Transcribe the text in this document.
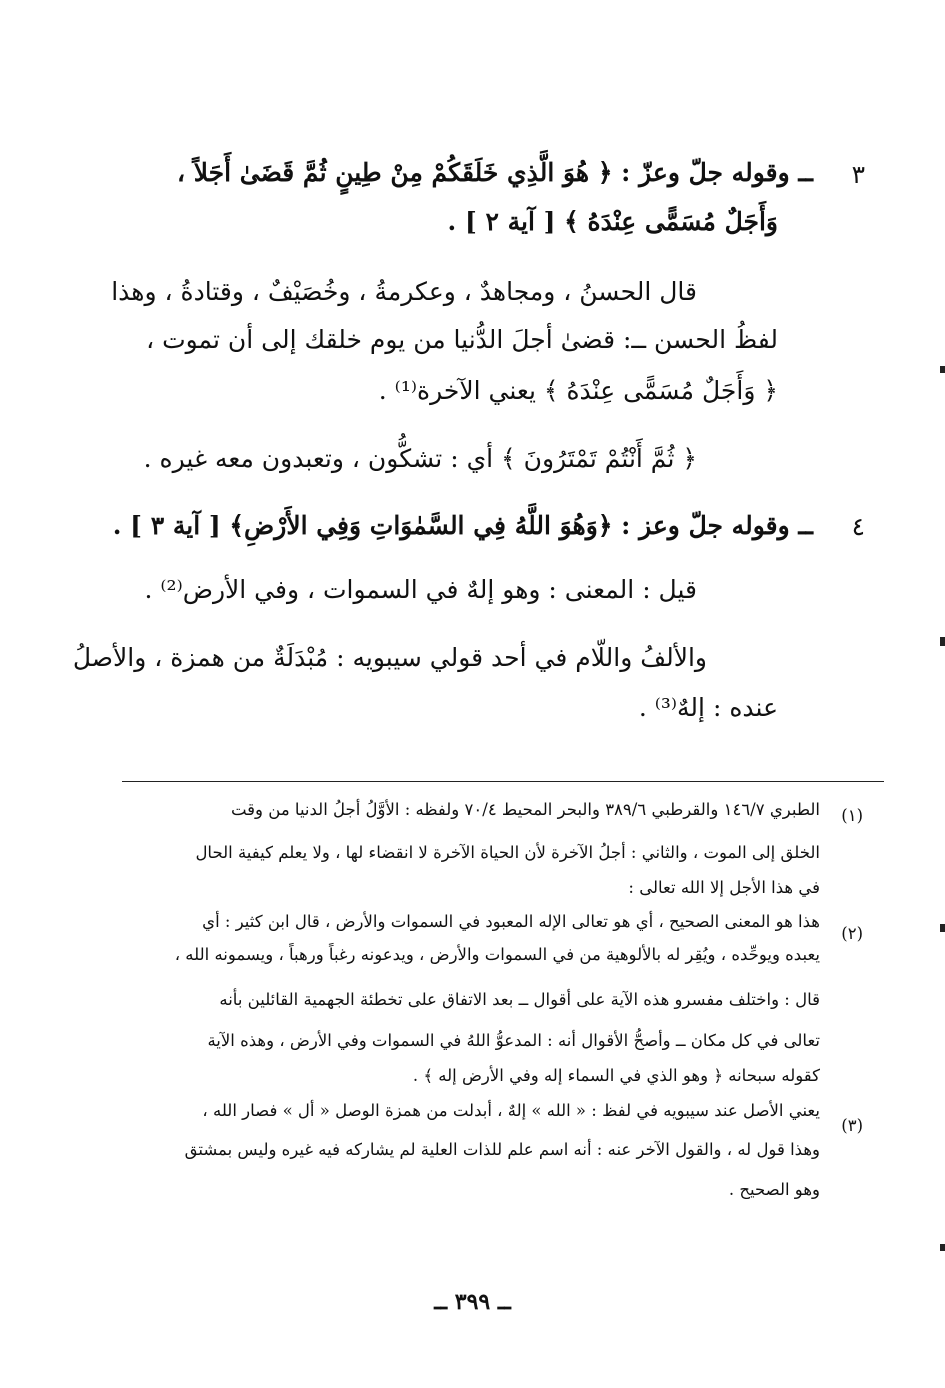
٣
ــ وقوله جلّ وعزّ : ﴿ هُوَ الَّذِي خَلَقَكُمْ مِنْ طِينٍ ثُمَّ قَضَىٰ أَجَلاً ،
وَأَجَلٌ مُسَمًّى عِنْدَهُ ﴾ [ آية ٢ ] .
قال الحسنُ ، ومجاهدٌ ، وعكرمةُ ، وخُصَيْفٌ ، وقتادةُ ، وهذا
لفظُ الحسن ــ: قضىٰ أجلَ الدُّنيا من يوم خلقك إلى أن تموت ،
﴿ وَأَجَلٌ مُسَمًّى عِنْدَهُ ﴾ يعني الآخرة⁽¹⁾ .
﴿ ثُمَّ أَنْتُمْ تَمْتَرُونَ ﴾ أي : تشكُّون ، وتعبدون معه غيره .
٤
ــ وقوله جلّ وعز : ﴿وَهُوَ اللَّهُ فِي السَّمٰوَاتِ وَفِي الأَرْضِ﴾ [ آية ٣ ] .
قيل : المعنى : وهو إلهٌ في السموات ، وفي الأرض⁽²⁾ .
والألفُ واللّام في أحد قولي سيبويه : مُبْدَلَةٌ من همزة ، والأصلُ
عنده : إلهٌ⁽³⁾ .
(١)
الطبري ١٤٦/٧ والقرطبي ٣٨٩/٦ والبحر المحيط ٧٠/٤ ولفظه : الأوَّلُ أجلُ الدنيا من وقت
الخلق إلى الموت ، والثاني : أجلُ الآخرة لأن الحياة الآخرة لا انقضاء لها ، ولا يعلم كيفية الحال
في هذا الأجل إلا الله تعالى :
(٢)
هذا هو المعنى الصحيح ، أي هو تعالى الإله المعبود في السموات والأرض ، قال ابن كثير : أي
يعبده ويوحِّده ، ويُقِر له بالألوهية من في السموات والأرض ، ويدعونه رغباً ورهباً ، ويسمونه الله ،
قال : واختلف مفسرو هذه الآية على أقوال ــ بعد الاتفاق على تخطئة الجهمية القائلين بأنه
تعالى في كل مكان ــ وأصحُّ الأقوال أنه : المدعوُّ اللهُ في السموات وفي الأرض ، وهذه الآية
كقوله سبحانه ﴿ وهو الذي في السماء إله وفي الأرض إله ﴾ .
(٣)
يعني الأصل عند سيبويه في لفظ : « الله » إلهٌ ، أبدلت من همزة الوصل « أل » فصار الله ،
وهذا قول له ، والقول الآخر عنه : أنه اسم علم للذات العلية لم يشاركه فيه غيره وليس بمشتق
وهو الصحيح .
ــ ٣٩٩ ــ
